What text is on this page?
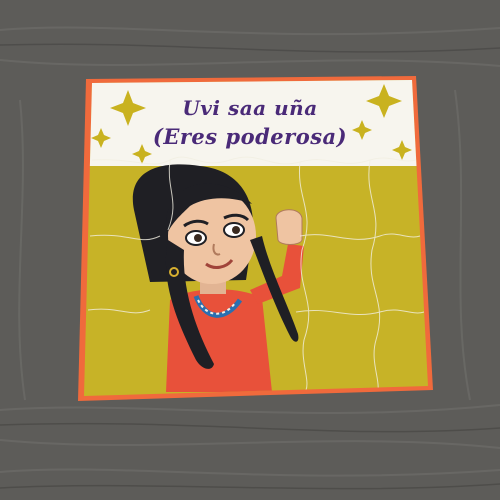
Uvi saa uña
(Eres poderosa)
